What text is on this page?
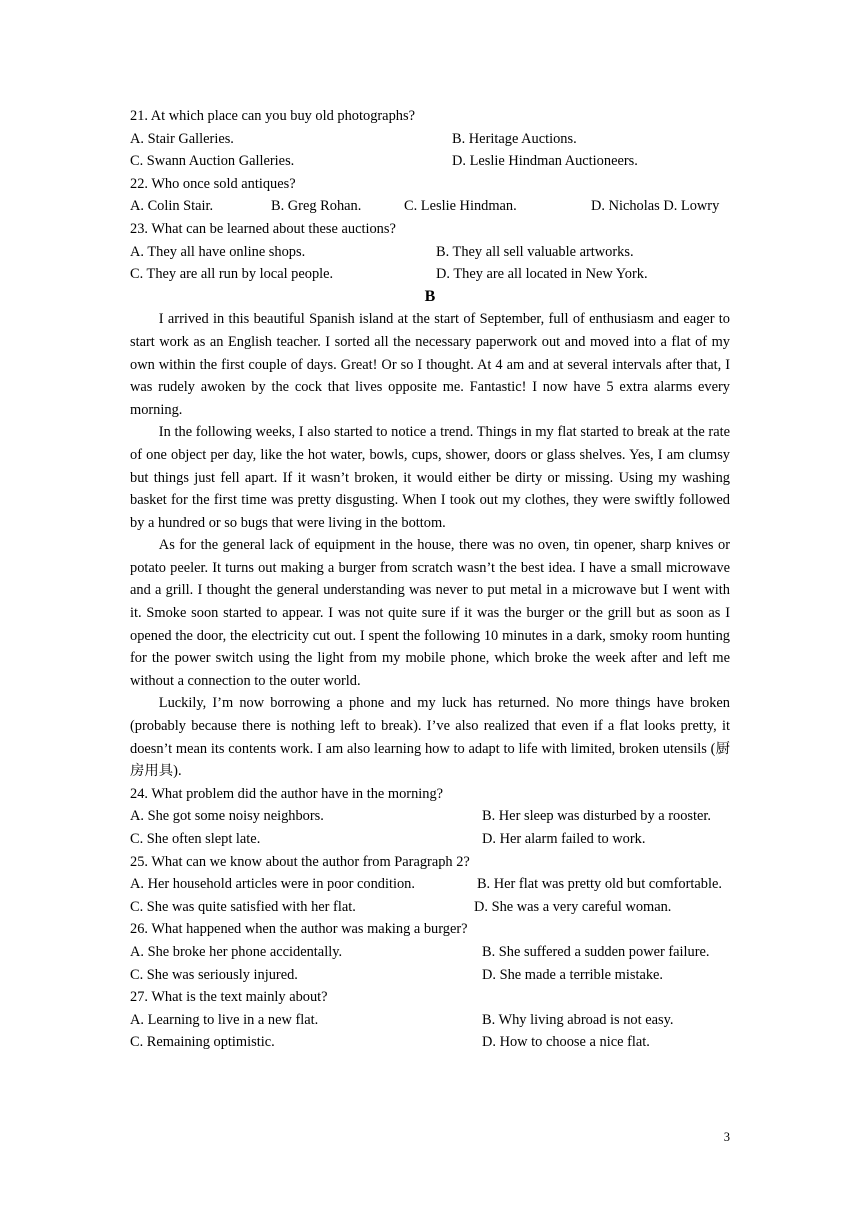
21. At which place can you buy old photographs?
A. Stair Galleries.	B. Heritage Auctions.
C. Swann Auction Galleries.	D. Leslie Hindman Auctioneers.
22. Who once sold antiques?
A. Colin Stair.	B. Greg Rohan.	C. Leslie Hindman.	D. Nicholas D. Lowry
23. What can be learned about these auctions?
A. They all have online shops.	B. They all sell valuable artworks.
C. They are all run by local people.	D. They are all located in New York.
B

I arrived in this beautiful Spanish island at the start of September, full of enthusiasm and eager to start work as an English teacher. I sorted all the necessary paperwork out and moved into a flat of my own within the first couple of days. Great! Or so I thought. At 4 am and at several intervals after that, I was rudely awoken by the cock that lives opposite me. Fantastic! I now have 5 extra alarms every morning.

In the following weeks, I also started to notice a trend. Things in my flat started to break at the rate of one object per day, like the hot water, bowls, cups, shower, doors or glass shelves. Yes, I am clumsy but things just fell apart. If it wasn’t broken, it would either be dirty or missing. Using my washing basket for the first time was pretty disgusting. When I took out my clothes, they were swiftly followed by a hundred or so bugs that were living in the bottom.

As for the general lack of equipment in the house, there was no oven, tin opener, sharp knives or potato peeler. It turns out making a burger from scratch wasn’t the best idea. I have a small microwave and a grill. I thought the general understanding was never to put metal in a microwave but I went with it. Smoke soon started to appear. I was not quite sure if it was the burger or the grill but as soon as I opened the door, the electricity cut out. I spent the following 10 minutes in a dark, smoky room hunting for the power switch using the light from my mobile phone, which broke the week after and left me without a connection to the outer world.

Luckily, I’m now borrowing a phone and my luck has returned. No more things have broken (probably because there is nothing left to break). I’ve also realized that even if a flat looks pretty, it doesn’t mean its contents work. I am also learning how to adapt to life with limited, broken utensils (厨房用具).

24. What problem did the author have in the morning?
A. She got some noisy neighbors.	B. Her sleep was disturbed by a rooster.
C. She often slept late.	D. Her alarm failed to work.
25. What can we know about the author from Paragraph 2?
A. Her household articles were in poor condition.	B. Her flat was pretty old but comfortable.
C. She was quite satisfied with her flat.	D. She was a very careful woman.
26. What happened when the author was making a burger?
A. She broke her phone accidentally.	B. She suffered a sudden power failure.
C. She was seriously injured.	D. She made a terrible mistake.
27. What is the text mainly about?
A. Learning to live in a new flat.	B. Why living abroad is not easy.
C. Remaining optimistic.	D. How to choose a nice flat.
3
